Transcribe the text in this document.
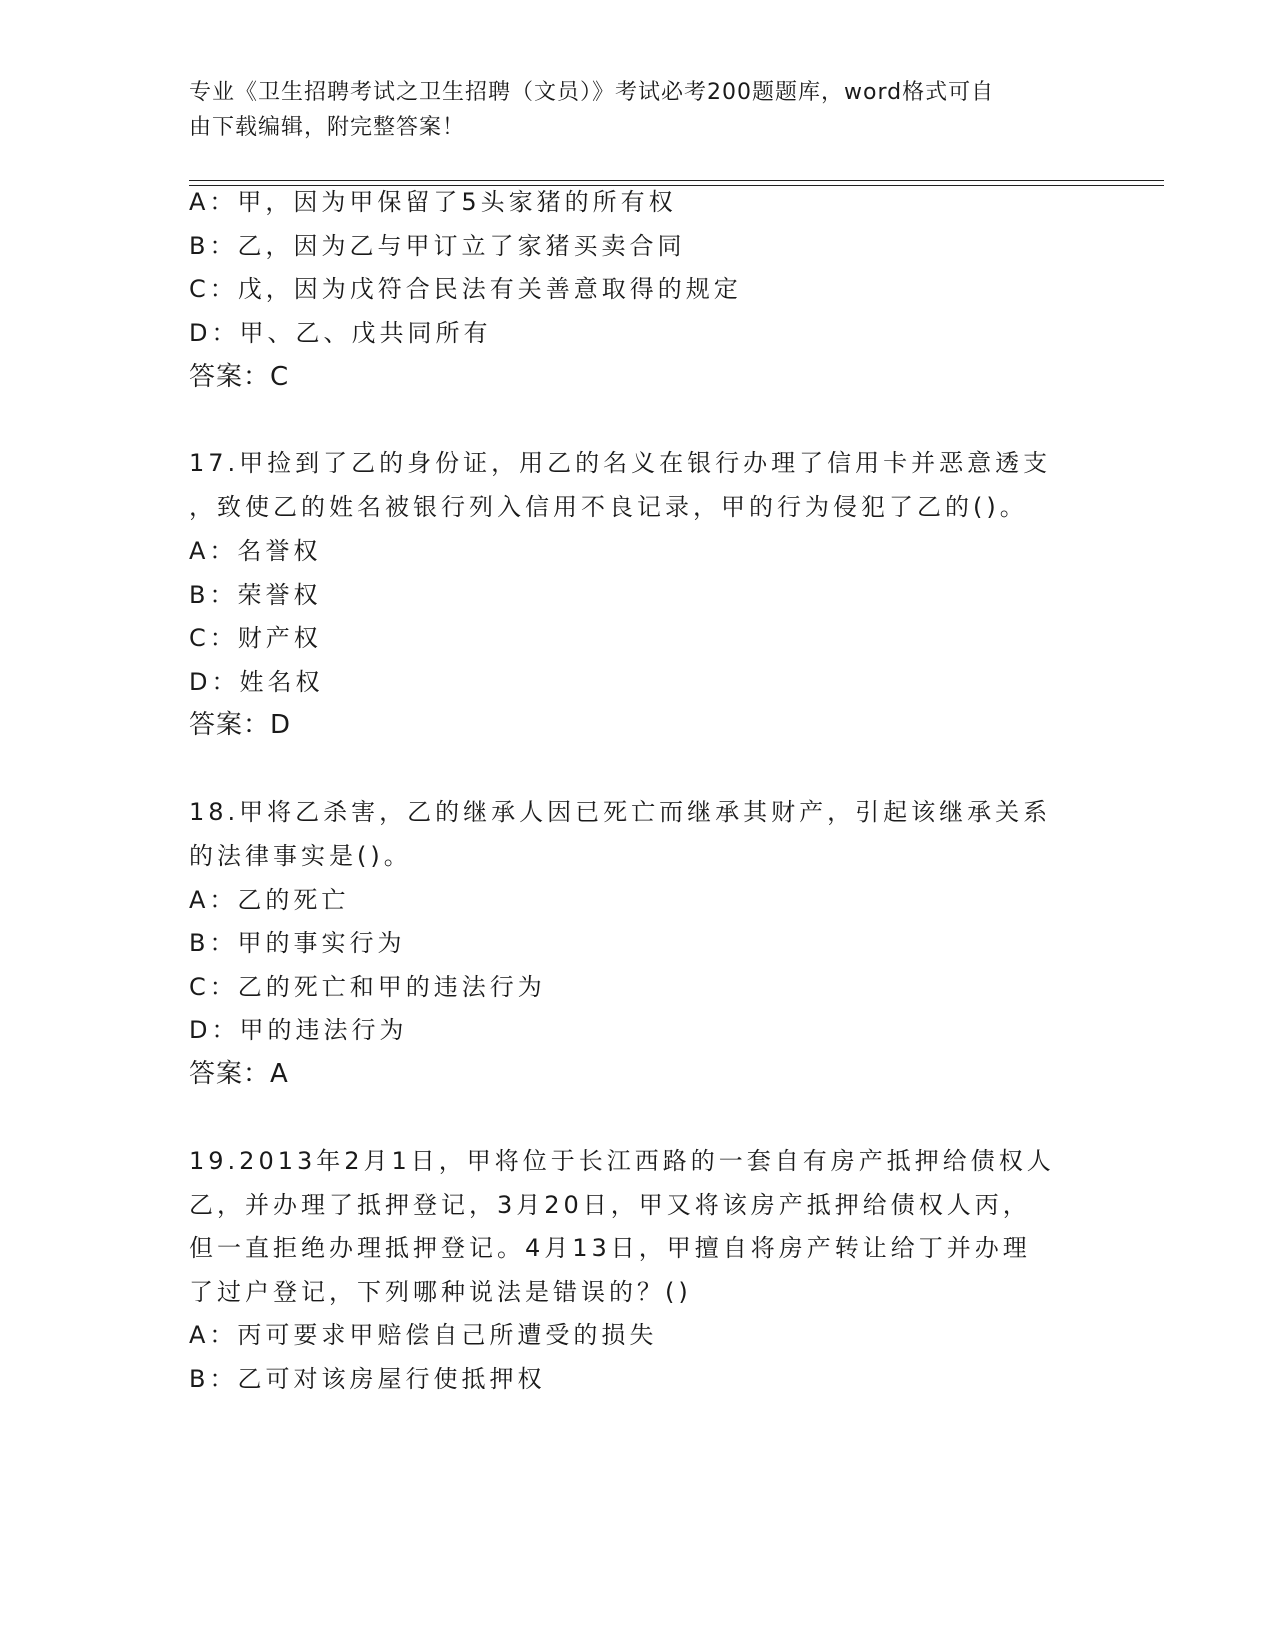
专业《卫生招聘考试之卫生招聘（文员）》考试必考200题题库，word格式可自
由下载编辑，附完整答案！
A：甲，因为甲保留了5头家猪的所有权
B：乙，因为乙与甲订立了家猪买卖合同
C：戊，因为戊符合民法有关善意取得的规定
D：甲、乙、戊共同所有
答案：C
17.甲捡到了乙的身份证，用乙的名义在银行办理了信用卡并恶意透支
，致使乙的姓名被银行列入信用不良记录，甲的行为侵犯了乙的()。
A：名誉权
B：荣誉权
C：财产权
D：姓名权
答案：D
18.甲将乙杀害，乙的继承人因已死亡而继承其财产，引起该继承关系
的法律事实是()。
A：乙的死亡
B：甲的事实行为
C：乙的死亡和甲的违法行为
D：甲的违法行为
答案：A
19.2013年2月1日，甲将位于长江西路的一套自有房产抵押给债权人
乙，并办理了抵押登记，3月20日，甲又将该房产抵押给债权人丙，
但一直拒绝办理抵押登记。4月13日，甲擅自将房产转让给丁并办理
了过户登记，下列哪种说法是错误的？()
A：丙可要求甲赔偿自己所遭受的损失
B：乙可对该房屋行使抵押权
